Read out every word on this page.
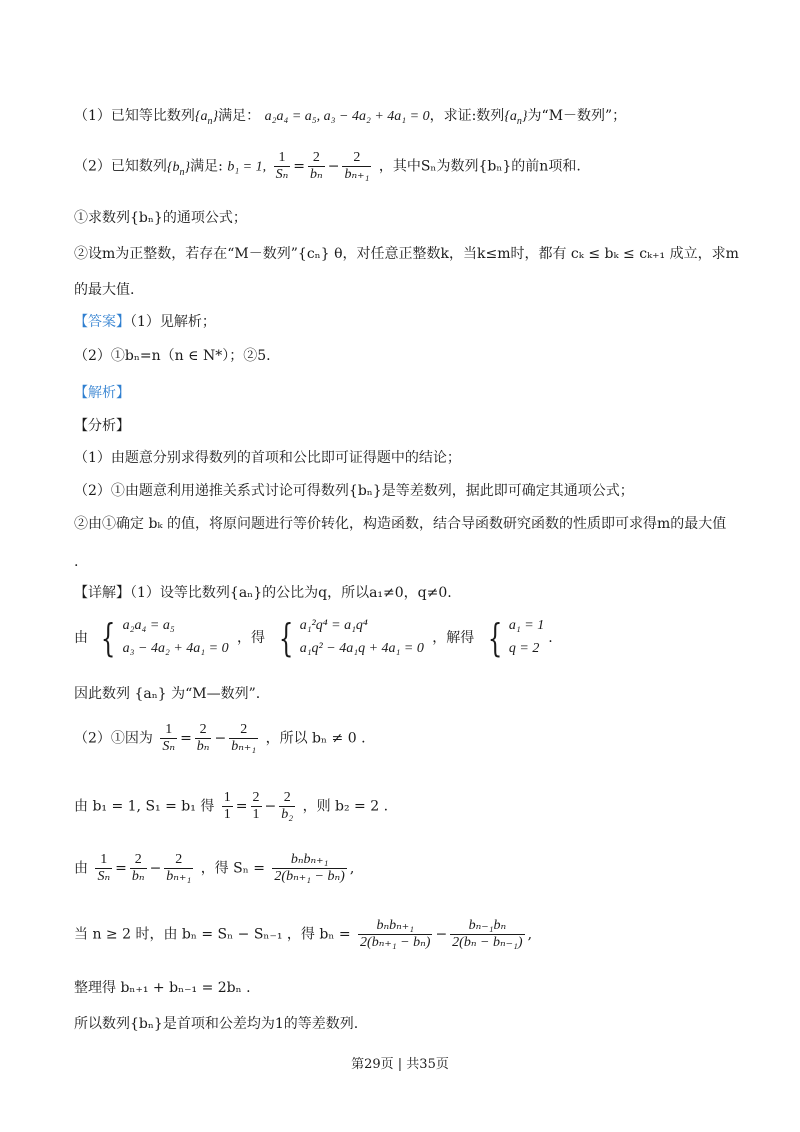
（1）已知等比数列$\{a_n\}$满足： a₂a₄ = a₅, a₃ − 4a₂ + 4a₁ = 0，求证:数列$\{a_n\}$为“M－数列”；
（2）已知数列$\{b_n\}$满足: b₁ = 1, $\frac{1}{\text{Sₙ}} = \frac{2}{\text{bₙ}} - \frac{2}{\text{bₙ₊₁}}$ ，其中Sₙ为数列{bₙ}的前n项和.
①求数列{bₙ}的通项公式；
②设m为正整数，若存在“M－数列”{cₙ} θ，对任意正整数k，当k≤m时，都有 cₖ ≤ bₖ ≤ cₖ₊₁ 成立，求m
的最大值.
【答案】（1）见解析；
（2）①bₙ=n（n ∈ N*）；②5.
【解析】
【分析】
（1）由题意分别求得数列的首项和公比即可证得题中的结论；
（2）①由题意利用递推关系式讨论可得数列{bₙ}是等差数列，据此即可确定其通项公式；
②由①确定 bₖ 的值，将原问题进行等价转化，构造函数，结合导函数研究函数的性质即可求得m的最大值
.
【详解】（1）设等比数列{aₙ}的公比为q，所以a₁≠0，q≠0.
由 { a₂a₄ = a₅
a₃ − 4a₂ + 4a₁ = 0
，得 { a₁²q⁴ = a₁q⁴
a₁q² − 4a₁q + 4a₁ = 0
，解得 { a₁ = 1
q = 2
.
因此数列 {aₙ} 为“M—数列”.
（2）①因为 $\frac{1}{\text{Sₙ}} = \frac{2}{\text{bₙ}} - \frac{2}{\text{bₙ₊₁}}$ ，所以 bₙ ≠ 0 .
由 b₁ = 1, S₁ = b₁ 得 $\frac{1}{1} = \frac{2}{1} - \frac{2}{\text{b₂}}$ ，则 b₂ = 2 .
由 $\frac{1}{\text{Sₙ}} = \frac{2}{\text{bₙ}} - \frac{2}{\text{bₙ₊₁}}$ ，得 $S_n = \frac{\text{bₙbₙ₊₁}}{\text{2(bₙ₊₁ − bₙ)}}$ ,
当 n ≥ 2 时，由 bₙ = Sₙ − Sₙ₋₁ ，得 $b_n = \frac{\text{bₙbₙ₊₁}}{\text{2(bₙ₊₁ − bₙ)}} - \frac{\text{bₙ₋₁bₙ}}{\text{2(bₙ − bₙ₋₁)}}$ ,
整理得 bₙ₊₁ + bₙ₋₁ = 2bₙ .
所以数列{bₙ}是首项和公差均为1的等差数列.
第29页 | 共35页
